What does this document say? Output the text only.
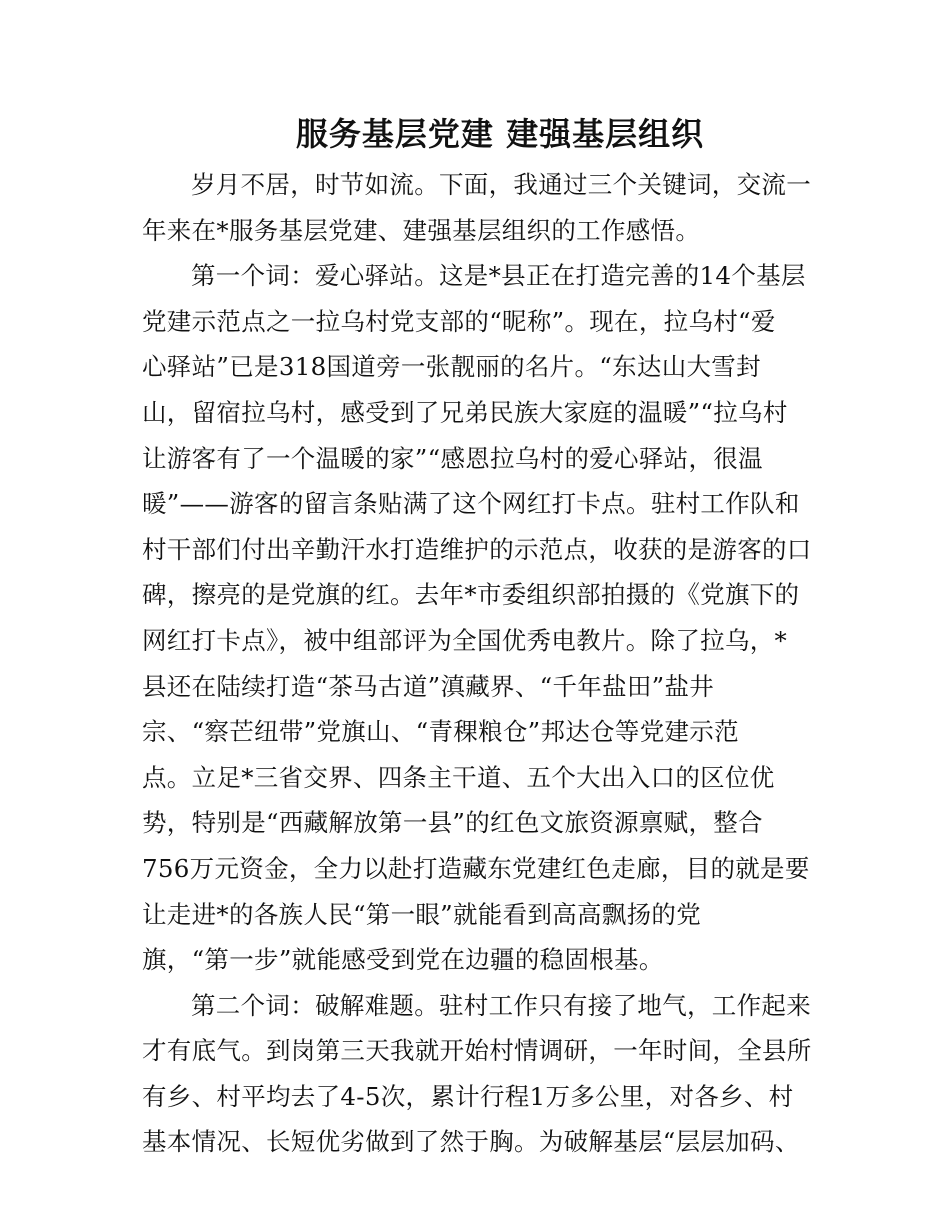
服务基层党建 建强基层组织
岁月不居，时节如流。下面，我通过三个关键词，交流一
年来在*服务基层党建、建强基层组织的工作感悟。
第一个词：爱心驿站。这是*县正在打造完善的14个基层
党建示范点之一拉乌村党支部的“昵称”。现在，拉乌村“爱
心驿站”已是318国道旁一张靓丽的名片。“东达山大雪封
山，留宿拉乌村，感受到了兄弟民族大家庭的温暖”“拉乌村
让游客有了一个温暖的家”“感恩拉乌村的爱心驿站，很温
暖”——游客的留言条贴满了这个网红打卡点。驻村工作队和
村干部们付出辛勤汗水打造维护的示范点，收获的是游客的口
碑，擦亮的是党旗的红。去年*市委组织部拍摄的《党旗下的
网红打卡点》，被中组部评为全国优秀电教片。除了拉乌，*
县还在陆续打造“茶马古道”滇藏界、“千年盐田”盐井
宗、“察芒纽带”党旗山、“青稞粮仓”邦达仓等党建示范
点。立足*三省交界、四条主干道、五个大出入口的区位优
势，特别是“西藏解放第一县”的红色文旅资源禀赋，整合
756万元资金，全力以赴打造藏东党建红色走廊，目的就是要
让走进*的各族人民“第一眼”就能看到高高飘扬的党
旗，“第一步”就能感受到党在边疆的稳固根基。
第二个词：破解难题。驻村工作只有接了地气，工作起来
才有底气。到岗第三天我就开始村情调研，一年时间，全县所
有乡、村平均去了4-5次，累计行程1万多公里，对各乡、村
基本情况、长短优劣做到了然于胸。为破解基层“层层加码、
